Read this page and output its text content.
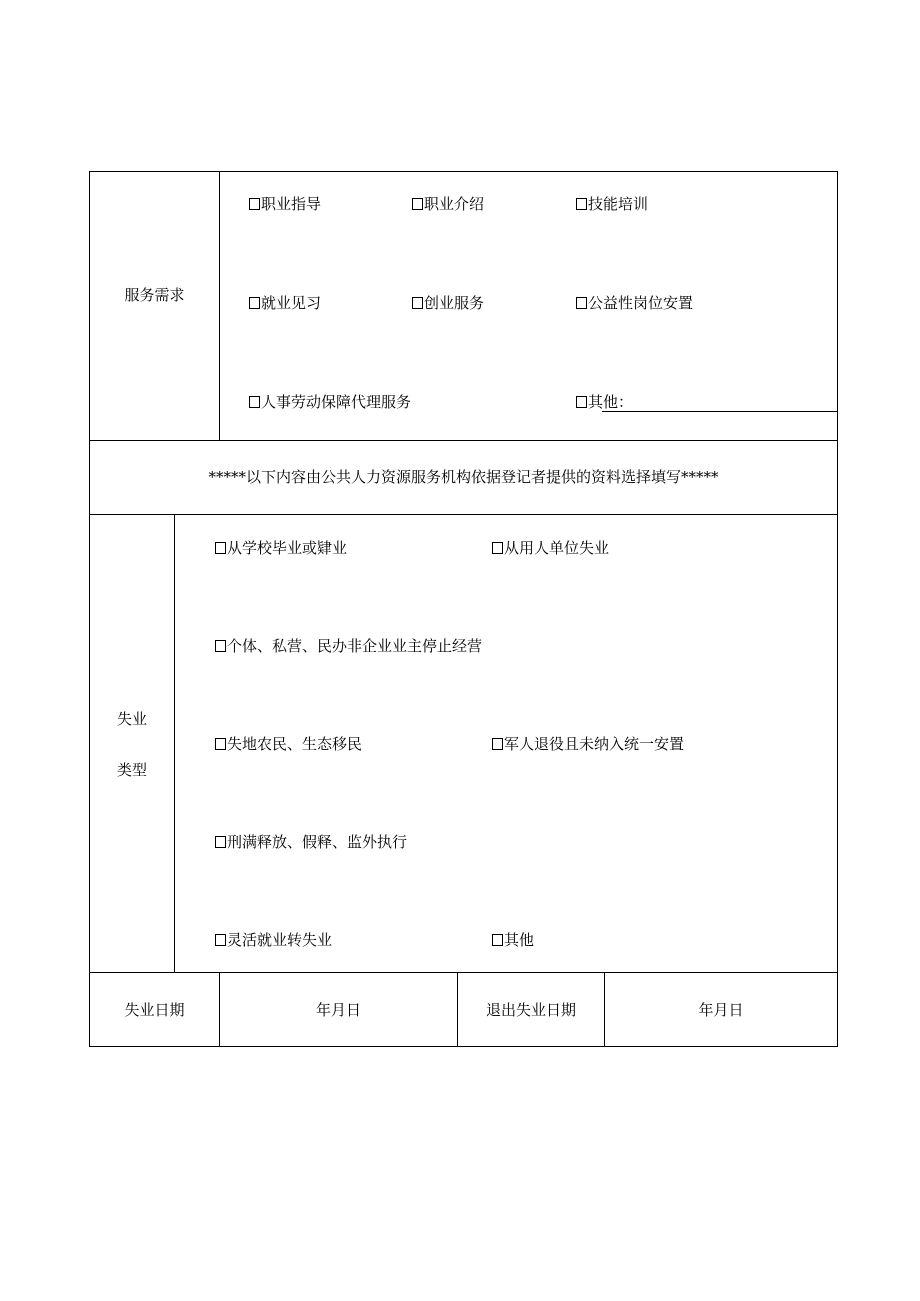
服务需求
职业指导	职业介绍	技能培训
就业见习	创业服务	公益性岗位安置
人事劳动保障代理服务	其他：
*****以下内容由公共人力资源服务机构依据登记者提供的资料选择填写*****
失业
类型
从学校毕业或肄业	从用人单位失业
个体、私营、民办非企业业主停止经营
失地农民、生态移民	军人退役且未纳入统一安置
刑满释放、假释、监外执行
灵活就业转失业	其他
失业日期	年月日	退出失业日期	年月日
